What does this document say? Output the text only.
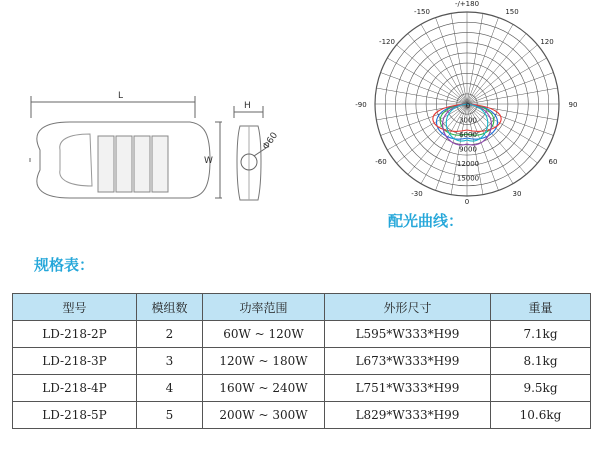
L
W
H
Φ60
-/+180
-150	150
-120	120
-90	90
-60	60
-30	30
0
0
3000
6000
9000
12000
15000
配光曲线：
规格表：
型号	模组数	功率范围	外形尺寸	重量
LD-218-2P	2	60W ~ 120W	L595*W333*H99	7.1kg
LD-218-3P	3	120W ~ 180W	L673*W333*H99	8.1kg
LD-218-4P	4	160W ~ 240W	L751*W333*H99	9.5kg
LD-218-5P	5	200W ~ 300W	L829*W333*H99	10.6kg
